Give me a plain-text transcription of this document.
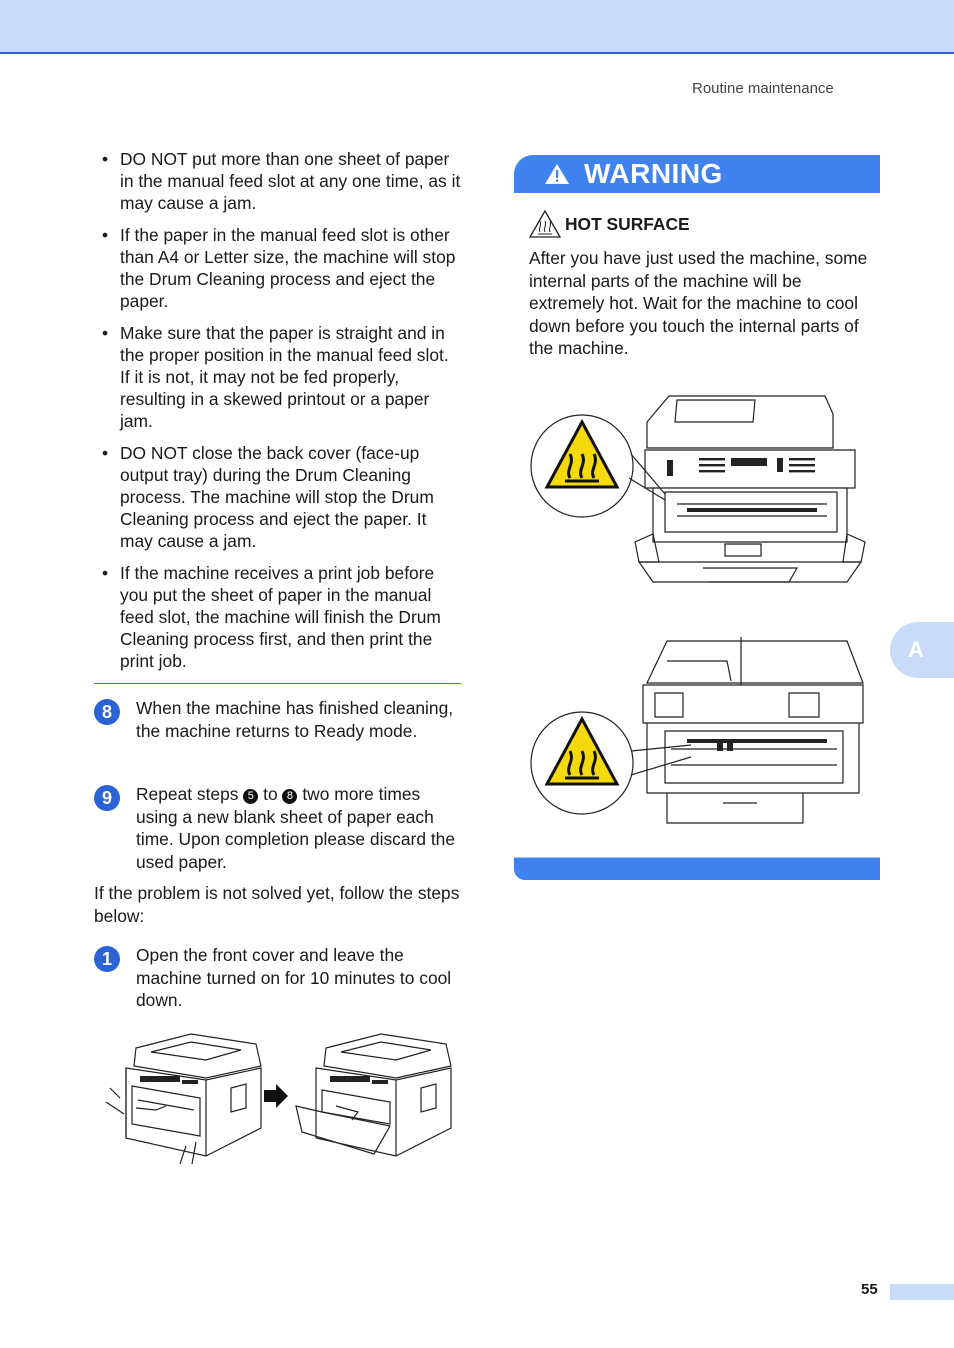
Routine maintenance
• DO NOT put more than one sheet of paper in the manual feed slot at any one time, as it may cause a jam.
• If the paper in the manual feed slot is other than A4 or Letter size, the machine will stop the Drum Cleaning process and eject the paper.
• Make sure that the paper is straight and in the proper position in the manual feed slot. If it is not, it may not be fed properly, resulting in a skewed printout or a paper jam.
• DO NOT close the back cover (face-up output tray) during the Drum Cleaning process. The machine will stop the Drum Cleaning process and eject the paper. It may cause a jam.
• If the machine receives a print job before you put the sheet of paper in the manual feed slot, the machine will finish the Drum Cleaning process first, and then print the print job.
8	When the machine has finished cleaning, the machine returns to Ready mode.
9	Repeat steps 5 to 8 two more times using a new blank sheet of paper each time. Upon completion please discard the used paper.
If the problem is not solved yet, follow the steps below:
1	Open the front cover and leave the machine turned on for 10 minutes to cool down.
WARNING
HOT SURFACE
After you have just used the machine, some internal parts of the machine will be extremely hot. Wait for the machine to cool down before you touch the internal parts of the machine.
A
55
